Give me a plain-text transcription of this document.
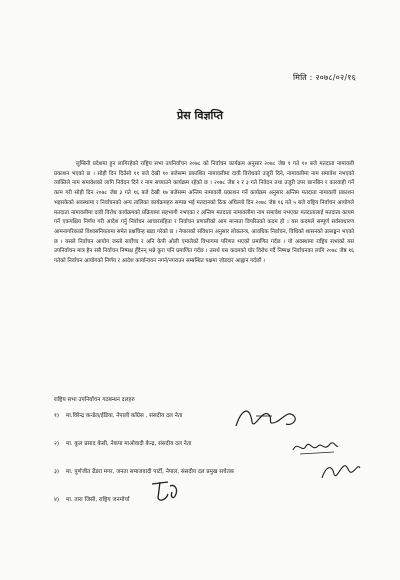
मिति : २०७८/०२/१६
प्रेस विज्ञप्ति

लुम्बिनी प्रदेशमा हुन लागिरहेको राष्ट्रिय सभा उपनिर्वाचन २०७८ को निर्वाचन कार्यक्रम अनुसार २०७८ जेष्ठ १ गते १० बजे मतदाता नामावली प्रकाशन भएको छ । सोही दिन दिउँसो ११ बजे देखी १० बजेसम्म प्रकाशित नामावलीमा दावी विरोधको उजुरी दिने, नामावलीमा नाम समावेश नभएको व्यक्तिले नाम समावेशको लागि निवेदन दिने र नाम सच्याउने कार्यक्रम रहेको छ । २०७८ जेष्ठ २ र ३ गते निवेदन तथा उजुरी उपर छानबिन र कारवाही गर्ने काम गरी सोही दिन २०७८ जेष्ठ ३ गते १६ बजे देखी १७ बजेसम्म अन्तिम नामावली प्रकाशन गर्ने कार्यक्रम अनुसार अन्तिम मतदाता नामावली प्रकाशन भइसकेको अवस्थामा र निर्वाचनको अन्य तालिका कार्यक्रमहरु सम्पन्न भई मतदानको ठिक अघिल्लो दिन २०७८ जेष्ठ १६ गते ५ बजे राष्ट्रिय निर्वाचन आयोगले मतदाता नामावलीमा दावी विरोध कार्यक्रमको प्रक्रियामा सहभागी नभएका र अन्तिम मतदाता नामावलीमा नाम समावेश नभएका मतदातालाई मतदाता कायम गर्ने एकपक्षिय निर्णय गरी आदेश गर्नु निर्वाचन आचारसंहिता र निर्वाचन प्रणालीको आम मान्यता विपरितको कदम हो । यस कदमले सम्पूर्ण सर्वसाधारण आमनागरिकको विश्वसनियतामा समेत प्रश्नचिन्ह खडा गरेको छ । नेपालको संविधान अनुसार लोकतन्त्र, आवधिक निर्वाचन, विधिको शासनको उल्लङ्घन भएको छ । यसले निर्वाचन आयोग जस्तो सर्वोच्च र अनि केपी ओली एमालेको विभागमा परिणत भएको प्रमाणित गर्दछ । यो अवस्थामा राष्ट्रिय सभाको यस उपनिर्वाचन मात्र हैन सबै निर्वाचन निष्पक्ष हुँदैनन् भन्ने कुरा पनि प्रमाणित गर्दछ । तसर्थ यस कदमको घोर विरोध गर्दै निष्पक्ष निर्वाचनका लागि २०७८ जेष्ठ १६ गतेको निर्वाचन आयोगको निर्णय र आदेश कार्यान्वयन नगर्न/नगराउन सम्बन्धित पक्षमा जोडदार आह्वान गर्दछौं ।

राष्ट्रिय सभा उपनिर्वाचन गठबन्धन दलहरु
१) मा.विरेन्द्र कन्डेल/ईडिया, नेपाली काँग्रेस , संसदीय दल नेता
२) मा. कुल प्रसाद केसी, नेकपा माओवादी केन्द्र, संसदीय दल नेता
३) मा. पुर्णजीत ढेंडरा मगर, जनता समाजवादी पार्टी, नेपाल, संसदीय दल प्रमुख सचेतक
४) मा. तारा जिसी, राष्ट्रिय जनमोर्चा
